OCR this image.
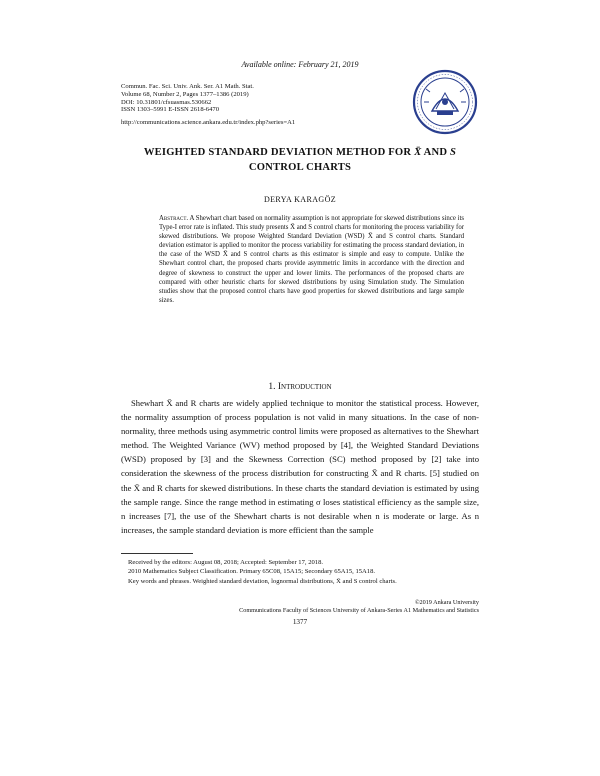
Available online: February 21, 2019
Commun. Fac. Sci. Univ. Ank. Ser. A1 Math. Stat.
Volume 68, Number 2, Pages 1377–1386 (2019)
DOI: 10.31801/cfsuasmas.530662
ISSN 1303–5991 E-ISSN 2618-6470
http://communications.science.ankara.edu.tr/index.php?series=A1
WEIGHTED STANDARD DEVIATION METHOD FOR X̄ AND S
CONTROL CHARTS
DERYA KARAGÖZ
Abstract. A Shewhart chart based on normality assumption is not appropriate for skewed distributions since its Type-I error rate is inflated. This study presents X̄ and S control charts for monitoring the process variability for skewed distributions. We propose Weighted Standard Deviation (WSD) X̄ and S control charts. Standard deviation estimator is applied to monitor the process variability for estimating the process standard deviation, in the case of the WSD X̄ and S control charts as this estimator is simple and easy to compute. Unlike the Shewhart control chart, the proposed charts provide asymmetric limits in accordance with the direction and degree of skewness to construct the upper and lower limits. The performances of the proposed charts are compared with other heuristic charts for skewed distributions by using Simulation study. The Simulation studies show that the proposed control charts have good properties for skewed distributions and large sample sizes.
1. Introduction

Shewhart X̄ and R charts are widely applied technique to monitor the statistical process. However, the normality assumption of process population is not valid in many situations. In the case of non-normality, three methods using asymmetric control limits were proposed as alternatives to the Shewhart method. The Weighted Variance (WV) method proposed by [4], the Weighted Standard Deviations (WSD) proposed by [3] and the Skewness Correction (SC) method proposed by [2] take into consideration the skewness of the process distribution for constructing X̄ and R charts. [5] studied on the X̄ and R charts for skewed distributions. In these charts the standard deviation is estimated by using the sample range. Since the range method in estimating σ loses statistical efficiency as the sample size, n increases [7], the use of the Shewhart charts is not desirable when n is moderate or large. As n increases, the sample standard deviation is more efficient than the sample

Received by the editors: August 08, 2018; Accepted: September 17, 2018.
2010 Mathematics Subject Classification. Primary 65C08, 15A15; Secondary 65A15, 15A18.
Key words and phrases. Weighted standard deviation, lognormal distributions, X̄ and S control charts.
©2019 Ankara University
Communications Faculty of Sciences University of Ankara-Series A1 Mathematics and Statistics
1377
